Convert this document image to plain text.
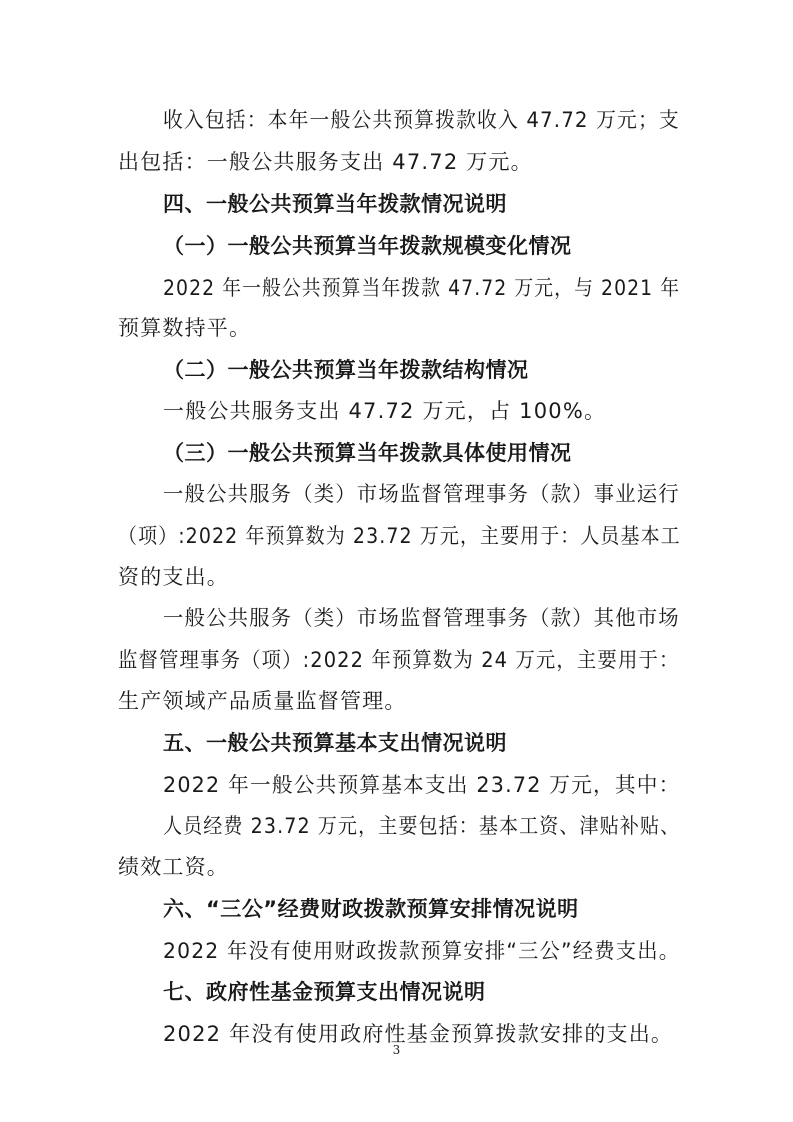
收入包括：本年一般公共预算拨款收入 47.72 万元；支
出包括：一般公共服务支出 47.72 万元。
四、一般公共预算当年拨款情况说明
（一）一般公共预算当年拨款规模变化情况
2022 年一般公共预算当年拨款 47.72 万元，与 2021 年
预算数持平。
（二）一般公共预算当年拨款结构情况
一般公共服务支出 47.72 万元，占 100%。
（三）一般公共预算当年拨款具体使用情况
一般公共服务（类）市场监督管理事务（款）事业运行
（项）:2022 年预算数为 23.72 万元，主要用于：人员基本工
资的支出。
一般公共服务（类）市场监督管理事务（款）其他市场
监督管理事务（项）:2022 年预算数为 24 万元，主要用于：
生产领域产品质量监督管理。
五、一般公共预算基本支出情况说明
2022 年一般公共预算基本支出 23.72 万元，其中：
人员经费 23.72 万元，主要包括：基本工资、津贴补贴、
绩效工资。
六、“三公”经费财政拨款预算安排情况说明
2022 年没有使用财政拨款预算安排“三公”经费支出。
七、政府性基金预算支出情况说明
2022 年没有使用政府性基金预算拨款安排的支出。
3
